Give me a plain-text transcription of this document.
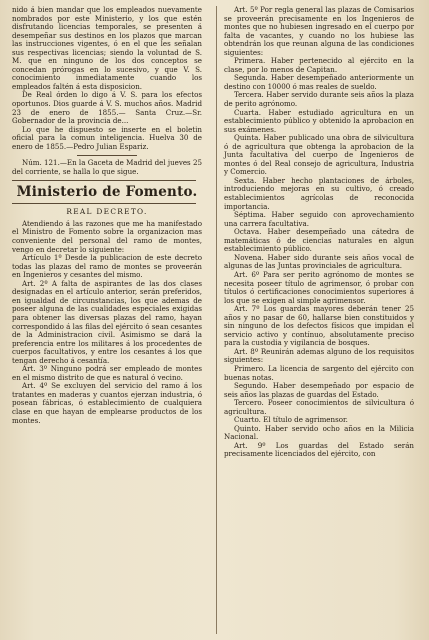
nido á bien mandar que los empleados nuevamente nombrados por este Ministerio, y los que estén disfrutando licencias temporales, se presenten á desempeñar sus destinos en los plazos que marcan las instrucciones vigentes, ó en el que les señalan sus respectivas licencias; siendo la voluntad de S. M. que en ninguno de los dos conceptos se concedan prórogas en lo sucesivo, y que V. S. conocimiento inmediatamente cuando los empleados faltén á esta disposicion.

De Real órden lo digo á V. S. para los efectos oportunos. Dios guarde á V. S. muchos años. Madrid 23 de enero de 1855.— Santa Cruz.—Sr. Gobernador de la provincia de...

Lo que he dispuesto se inserte en el boletin oficial para la comun inteligencia. Huelva 30 de enero de 1855.—Pedro Julian Espariz.

Núm. 121.—En la Gaceta de Madrid del jueves 25 del corriente, se halla lo que sigue.

Ministerio de Fomento.
REAL DECRETO.

Atendiendo á las razones que me ha manifestado el Ministro de Fomento sobre la organizacion mas conveniente del personal del ramo de montes, vengo en decretar lo siguiente:

Artículo 1º Desde la publicacion de este decreto todas las plazas del ramo de montes se proveerán en Ingenieros y cesantes del mismo.

Art. 2º A falta de aspirantes de las dos clases designadas en el artículo anterior, serán preferidos, en igualdad de circunstancias, los que ademas de poseer alguna de las cualidades especiales exigidas para obtener las diversas plazas del ramo, hayan correspondido á las filas del ejército ó sean cesantes de la Administracion civil. Asimismo se dará la preferencia entre los militares á los procedentes de cuerpos facultativos, y entre los cesantes á los que tengan derecho á cesantía.

Art. 3º Ninguno podrá ser empleado de montes en el mismo distrito de que es natural ó vecino.

Art. 4º Se excluyen del servicio del ramo á los tratantes en maderas y cuantos ejerzan industria, ó posean fábricas, ó establecimiento de cualquiera clase en que hayan de emplearse productos de los montes.

Art. 5º Por regla general las plazas de Comisarios se proveerán precisamente en los Ingenieros de montes que no hubiesen ingresado en el cuerpo por falta de vacantes, y cuando no los hubiese las obtendrán los que reunan alguna de las condiciones siguientes:

Primera. Haber pertenecido al ejército en la clase, por lo menos de Capitan.

Segunda. Haber desempeñado anteriormente un destino con 10000 ó mas reales de sueldo.

Tercera. Haber servido durante seis años la plaza de perito agrónomo.

Cuarta. Haber estudiado agricultura en un establecimiento público y obtenido la aprobacion en sus exámenes.

Quinta. Haber publicado una obra de silvicultura ó de agricultura que obtenga la aprobacion de la Junta facultativa del cuerpo de Ingenieros de montes ó del Real consejo de agricultura, Industria y Comercio.

Sexta. Haber hecho plantaciones de árboles, introduciendo mejoras en su cultivo, ó creado establecimientos agrícolas de reconocida importancia.

Séptima. Haber seguido con aprovechamiento una carrera facultativa.

Octava. Haber desempeñado una cátedra de matemáticas ó de ciencias naturales en algun establecimiento público.

Novena. Haber sido durante seis años vocal de algunas de las Juntas provinciales de agricultura.

Art. 6º Para ser perito agrónomo de montes se necesita poseer título de agrimensor, ó probar con títulos ó certificaciones conocimientos superiores á los que se exigen al simple agrimensor.

Art. 7º Los guardas mayores deberán tener 25 años y no pasar de 60, hallarse bien constituidos y sin ninguno de los defectos físicos que impidan el servicio activo y contínuo, absolutamente preciso para la custodia y vigilancia de bosques.

Art. 8º Reunirán ademas alguno de los requisitos siguientes:

Primero. La licencia de sargento del ejército con buenas notas.

Segundo. Haber desempeñado por espacio de seis años las plazas de guardas del Estado.

Tercero. Poseer conocimientos de silvicultura ó agricultura.

Cuarto. El título de agrimensor.

Quinto. Haber servido ocho años en la Milicia Nacional.

Art. 9º Los guardas del Estado serán precisamente licenciados del ejército, con
